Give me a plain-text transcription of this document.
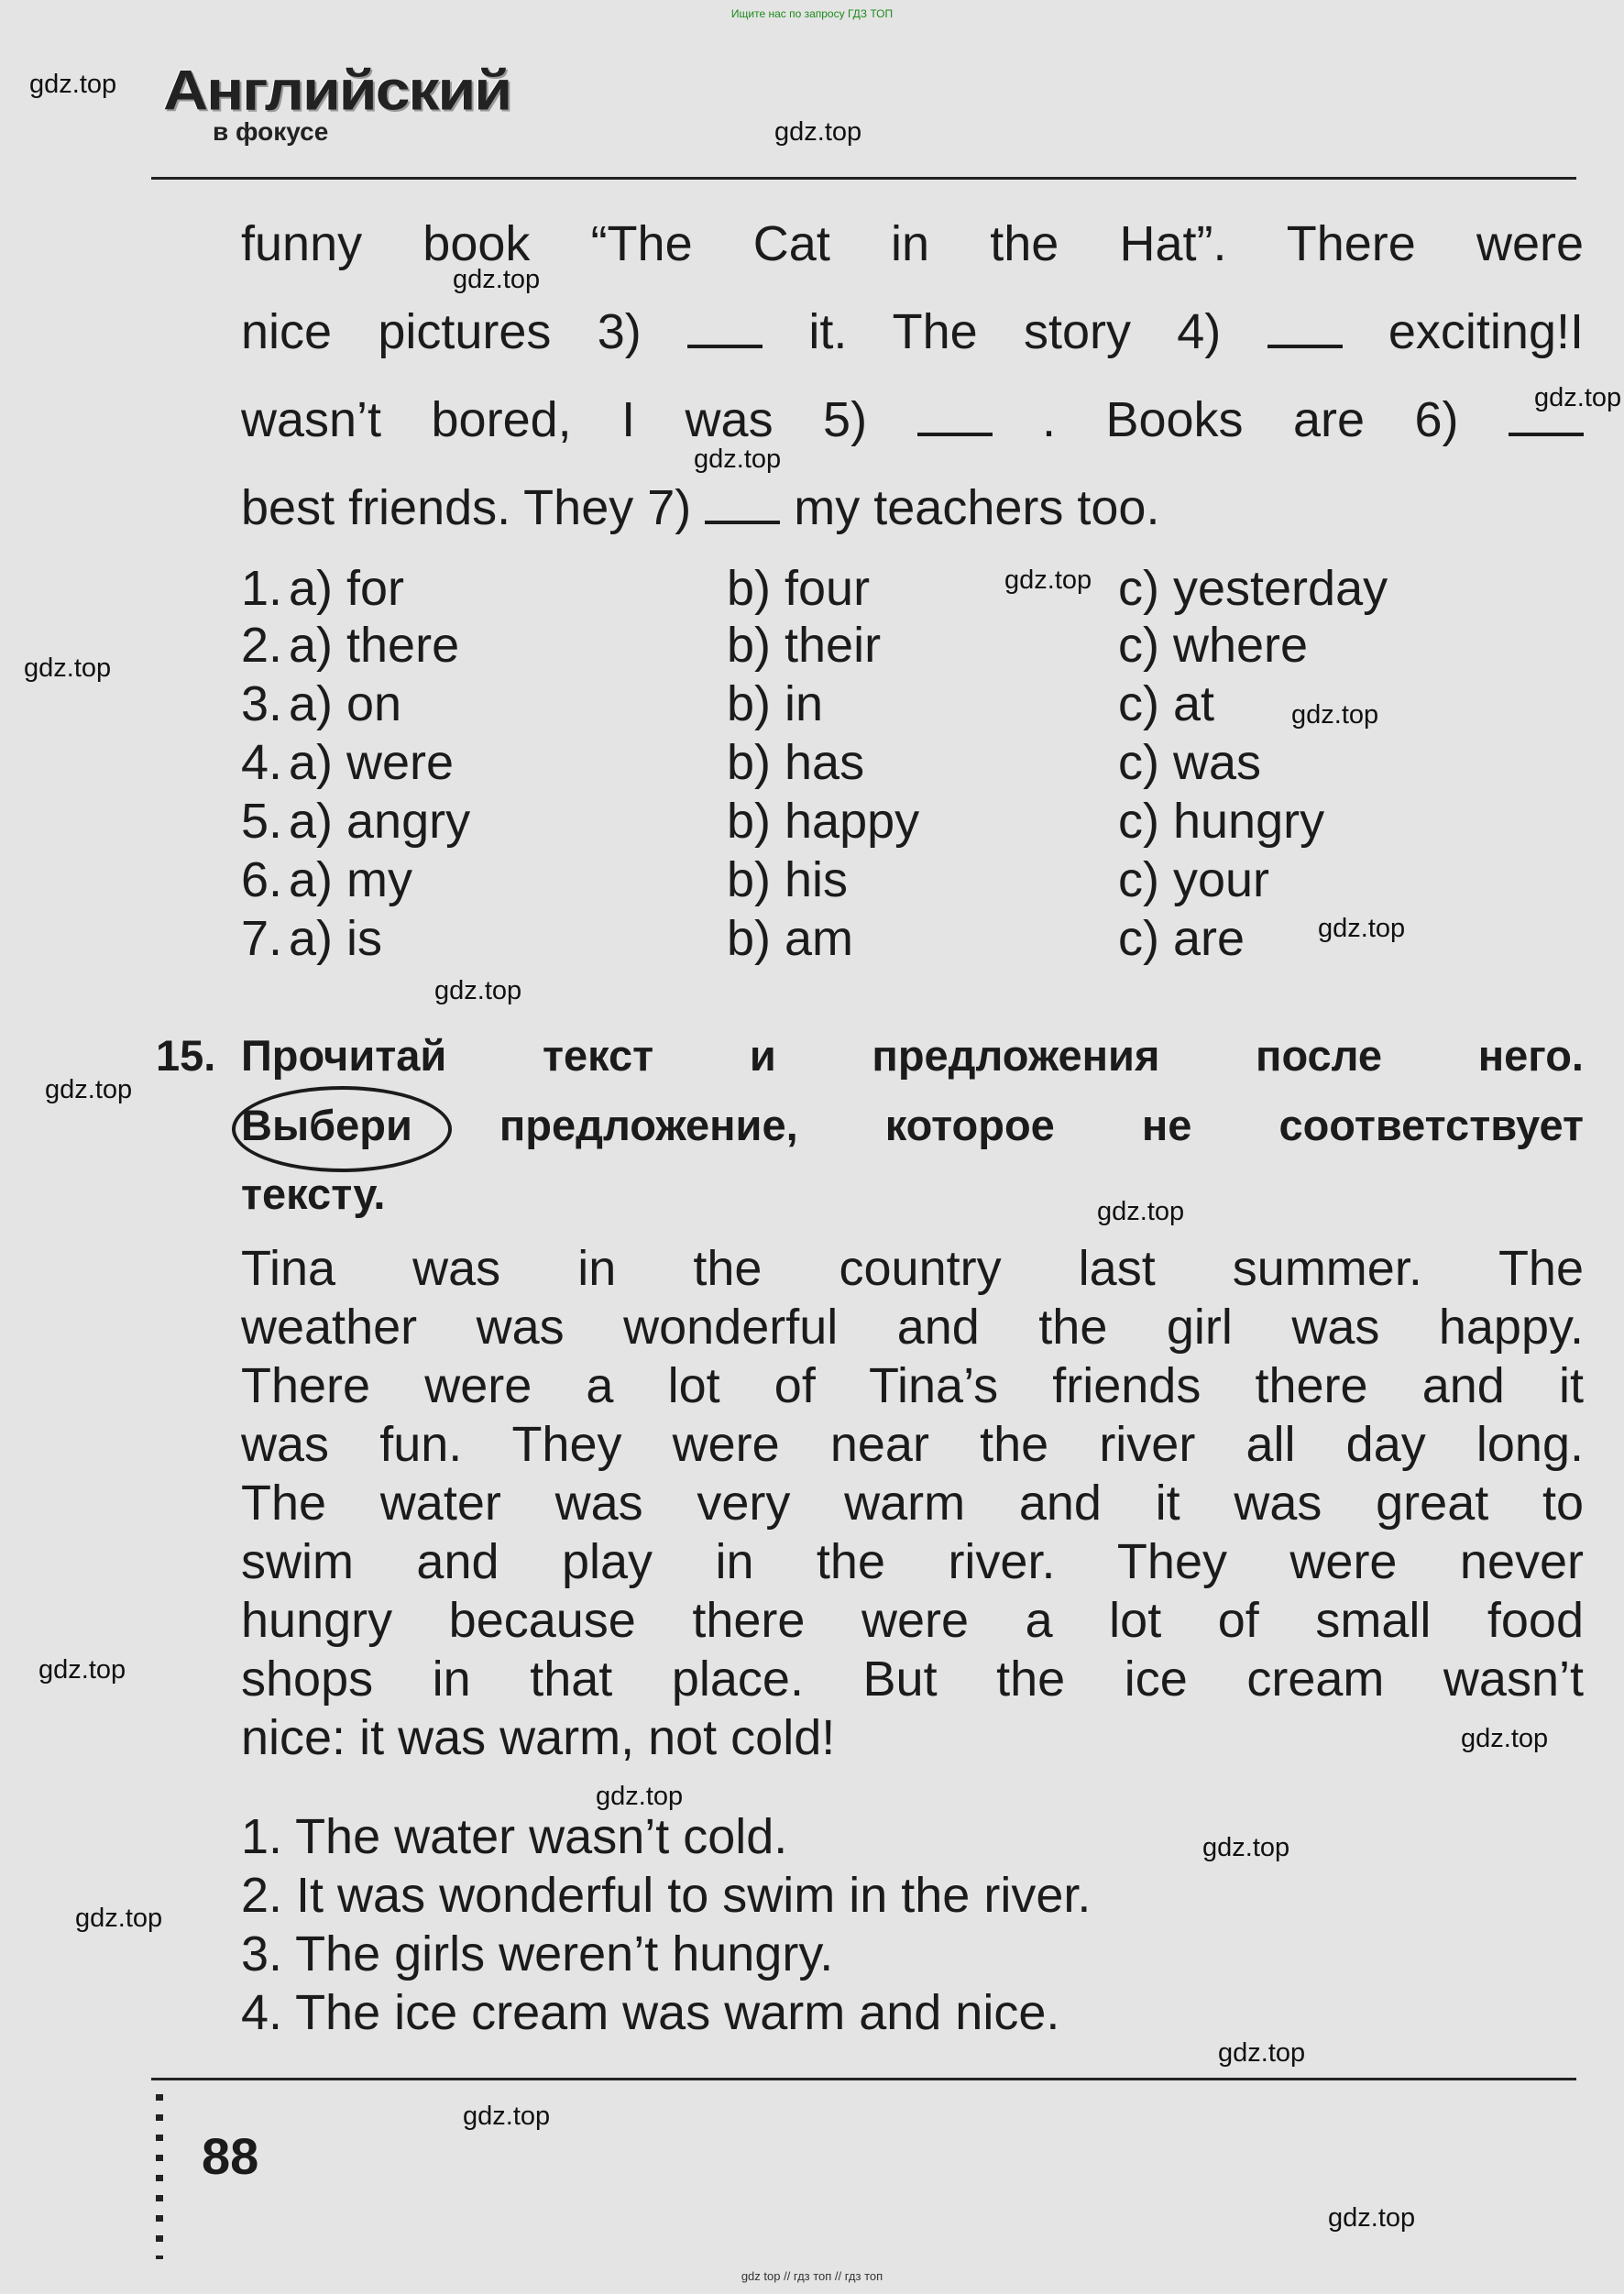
Ищите нас по запросу ГДЗ ТОП
Английский
в фокусе
funny book “The Cat in the Hat”. There were
nice pictures 3)	it. The story 4)	exciting!I
wasn’t bored, I was 5)	. Books are 6)
best friends. They 7) my teachers too.
1. a) for	b) four	c) yesterday
2. a) there	b) their	c) where
3. a) on	b) in	c) at
4. a) were	b) has	c) was
5. a) angry	b) happy	c) hungry
6. a) my	b) his	c) your
7. a) is	b) am	c) are
15. Прочитай текст и предложения после него.
Выбери предложение, которое не соответствует
тексту.
Tina was in the country last summer. The
weather was wonderful and the girl was happy.
There were a lot of Tina’s friends there and it
was fun. They were near the river all day long.
The water was very warm and it was great to
swim and play in the river. They were never
hungry because there were a lot of small food
shops in that place. But the ice cream wasn’t
nice: it was warm, not cold!
1. The water wasn’t cold.
2. It was wonderful to swim in the river.
3. The girls weren’t hungry.
4. The ice cream was warm and nice.
88
gdz.top
gdz.top
gdz.top
gdz.top
gdz.top
gdz.top
gdz.top
gdz.top
gdz.top
gdz.top
gdz.top
gdz.top
gdz.top
gdz.top
gdz.top
gdz.top
gdz.top
gdz.top
gdz.top
gdz.top
gdz top // гдз топ // гдз топ
